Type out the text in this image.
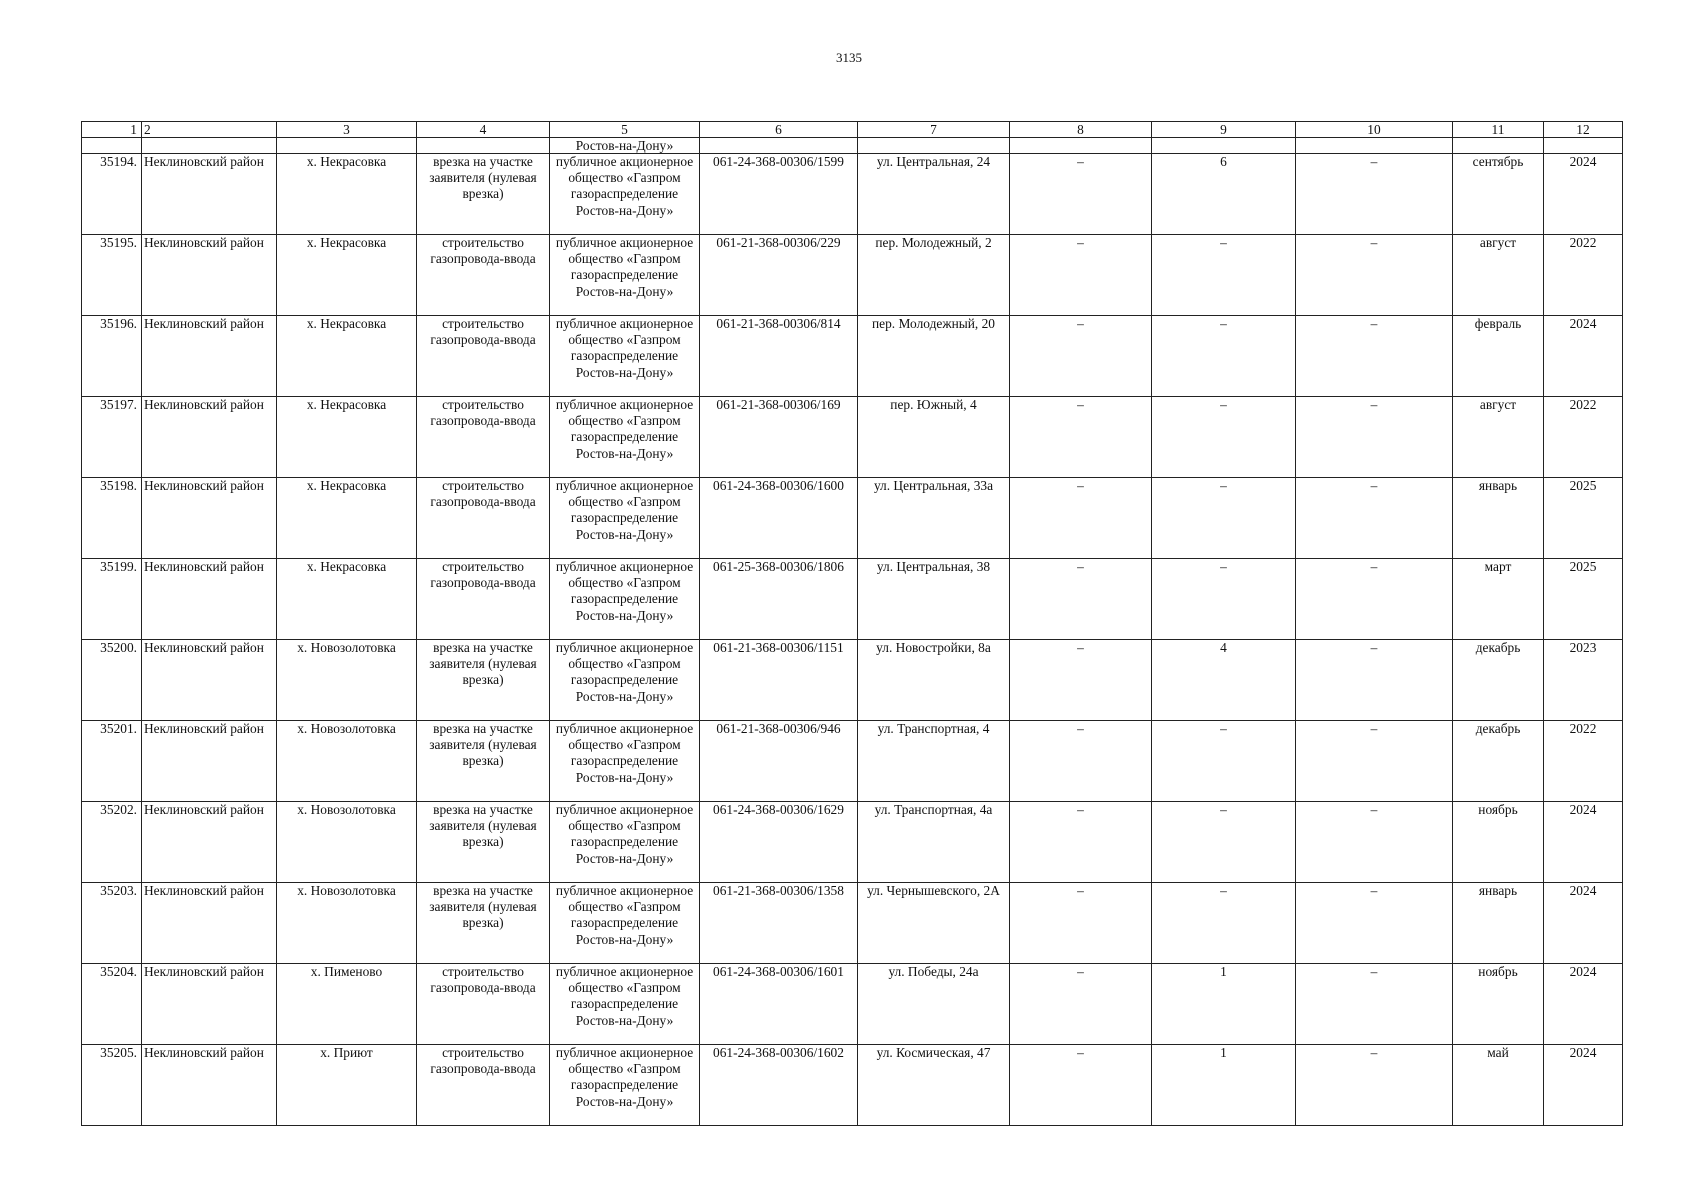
3135
1	2	3	4	5	6	7	8	9	10	11	12
				Ростов-на-Дону»							
35194.	Неклиновский район	х. Некрасовка	врезка на участке заявителя (нулевая врезка)	публичное акционерное общество «Газпром газораспределение Ростов-на-Дону»	061-24-368-00306/1599	ул. Центральная, 24	–	6	–	сентябрь	2024
35195.	Неклиновский район	х. Некрасовка	строительство газопровода-ввода	публичное акционерное общество «Газпром газораспределение Ростов-на-Дону»	061-21-368-00306/229	пер. Молодежный, 2	–	–	–	август	2022
35196.	Неклиновский район	х. Некрасовка	строительство газопровода-ввода	публичное акционерное общество «Газпром газораспределение Ростов-на-Дону»	061-21-368-00306/814	пер. Молодежный, 20	–	–	–	февраль	2024
35197.	Неклиновский район	х. Некрасовка	строительство газопровода-ввода	публичное акционерное общество «Газпром газораспределение Ростов-на-Дону»	061-21-368-00306/169	пер. Южный, 4	–	–	–	август	2022
35198.	Неклиновский район	х. Некрасовка	строительство газопровода-ввода	публичное акционерное общество «Газпром газораспределение Ростов-на-Дону»	061-24-368-00306/1600	ул. Центральная, 33а	–	–	–	январь	2025
35199.	Неклиновский район	х. Некрасовка	строительство газопровода-ввода	публичное акционерное общество «Газпром газораспределение Ростов-на-Дону»	061-25-368-00306/1806	ул. Центральная, 38	–	–	–	март	2025
35200.	Неклиновский район	х. Новозолотовка	врезка на участке заявителя (нулевая врезка)	публичное акционерное общество «Газпром газораспределение Ростов-на-Дону»	061-21-368-00306/1151	ул. Новостройки, 8а	–	4	–	декабрь	2023
35201.	Неклиновский район	х. Новозолотовка	врезка на участке заявителя (нулевая врезка)	публичное акционерное общество «Газпром газораспределение Ростов-на-Дону»	061-21-368-00306/946	ул. Транспортная, 4	–	–	–	декабрь	2022
35202.	Неклиновский район	х. Новозолотовка	врезка на участке заявителя (нулевая врезка)	публичное акционерное общество «Газпром газораспределение Ростов-на-Дону»	061-24-368-00306/1629	ул. Транспортная, 4а	–	–	–	ноябрь	2024
35203.	Неклиновский район	х. Новозолотовка	врезка на участке заявителя (нулевая врезка)	публичное акционерное общество «Газпром газораспределение Ростов-на-Дону»	061-21-368-00306/1358	ул. Чернышевского, 2А	–	–	–	январь	2024
35204.	Неклиновский район	х. Пименово	строительство газопровода-ввода	публичное акционерное общество «Газпром газораспределение Ростов-на-Дону»	061-24-368-00306/1601	ул. Победы, 24а	–	1	–	ноябрь	2024
35205.	Неклиновский район	х. Приют	строительство газопровода-ввода	публичное акционерное общество «Газпром газораспределение Ростов-на-Дону»	061-24-368-00306/1602	ул. Космическая, 47	–	1	–	май	2024
